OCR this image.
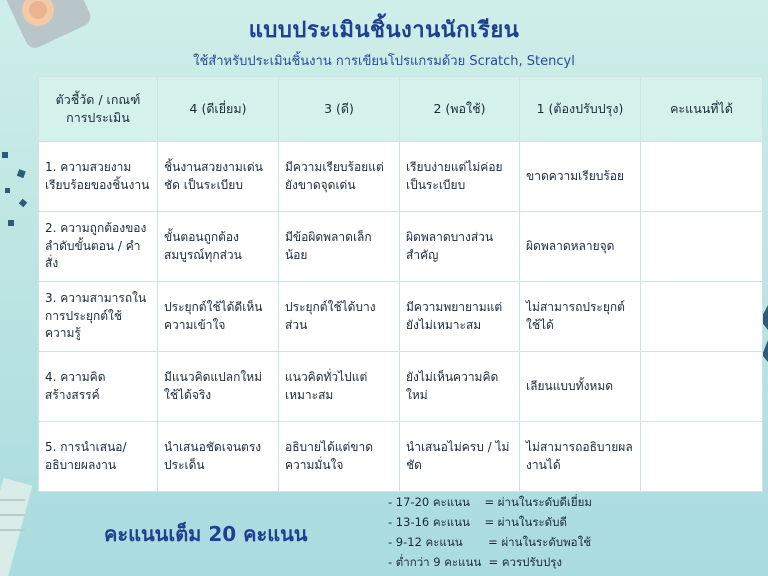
แบบประเมินชิ้นงานนักเรียน
ใช้สำหรับประเมินชิ้นงาน การเขียนโปรแกรมด้วย Scratch, Stencyl
ตัวชี้วัด / เกณฑ์การประเมิน	4 (ดีเยี่ยม)	3 (ดี)	2 (พอใช้)	1 (ต้องปรับปรุง)	คะแนนที่ได้
1. ความสวยงามเรียบร้อยของชิ้นงาน	ชิ้นงานสวยงามเด่นชัด เป็นระเบียบ	มีความเรียบร้อยแต่ยังขาดจุดเด่น	เรียบง่ายแต่ไม่ค่อยเป็นระเบียบ	ขาดความเรียบร้อย	
2. ความถูกต้องของลำดับขั้นตอน / คำสั่ง	ขั้นตอนถูกต้องสมบูรณ์ทุกส่วน	มีข้อผิดพลาดเล็กน้อย	ผิดพลาดบางส่วนสำคัญ	ผิดพลาดหลายจุด	
3. ความสามารถในการประยุกต์ใช้ความรู้	ประยุกต์ใช้ได้ดีเห็นความเข้าใจ	ประยุกต์ใช้ได้บางส่วน	มีความพยายามแต่ยังไม่เหมาะสม	ไม่สามารถประยุกต์ใช้ได้	
4. ความคิดสร้างสรรค์	มีแนวคิดแปลกใหม่ ใช้ได้จริง	แนวคิดทั่วไปแต่เหมาะสม	ยังไม่เห็นความคิดใหม่	เลียนแบบทั้งหมด	
5. การนำเสนอ/อธิบายผลงาน	นำเสนอชัดเจนตรงประเด็น	อธิบายได้แต่ขาดความมั่นใจ	นำเสนอไม่ครบ / ไม่ชัด	ไม่สามารถอธิบายผลงานได้	
คะแนนเต็ม 20 คะแนน
- 17-20 คะแนน    = ผ่านในระดับดีเยี่ยม
- 13-16 คะแนน    = ผ่านในระดับดี
- 9-12 คะแนน       = ผ่านในระดับพอใช้
- ต่ำกว่า 9 คะแนน  = ควรปรับปรุง
